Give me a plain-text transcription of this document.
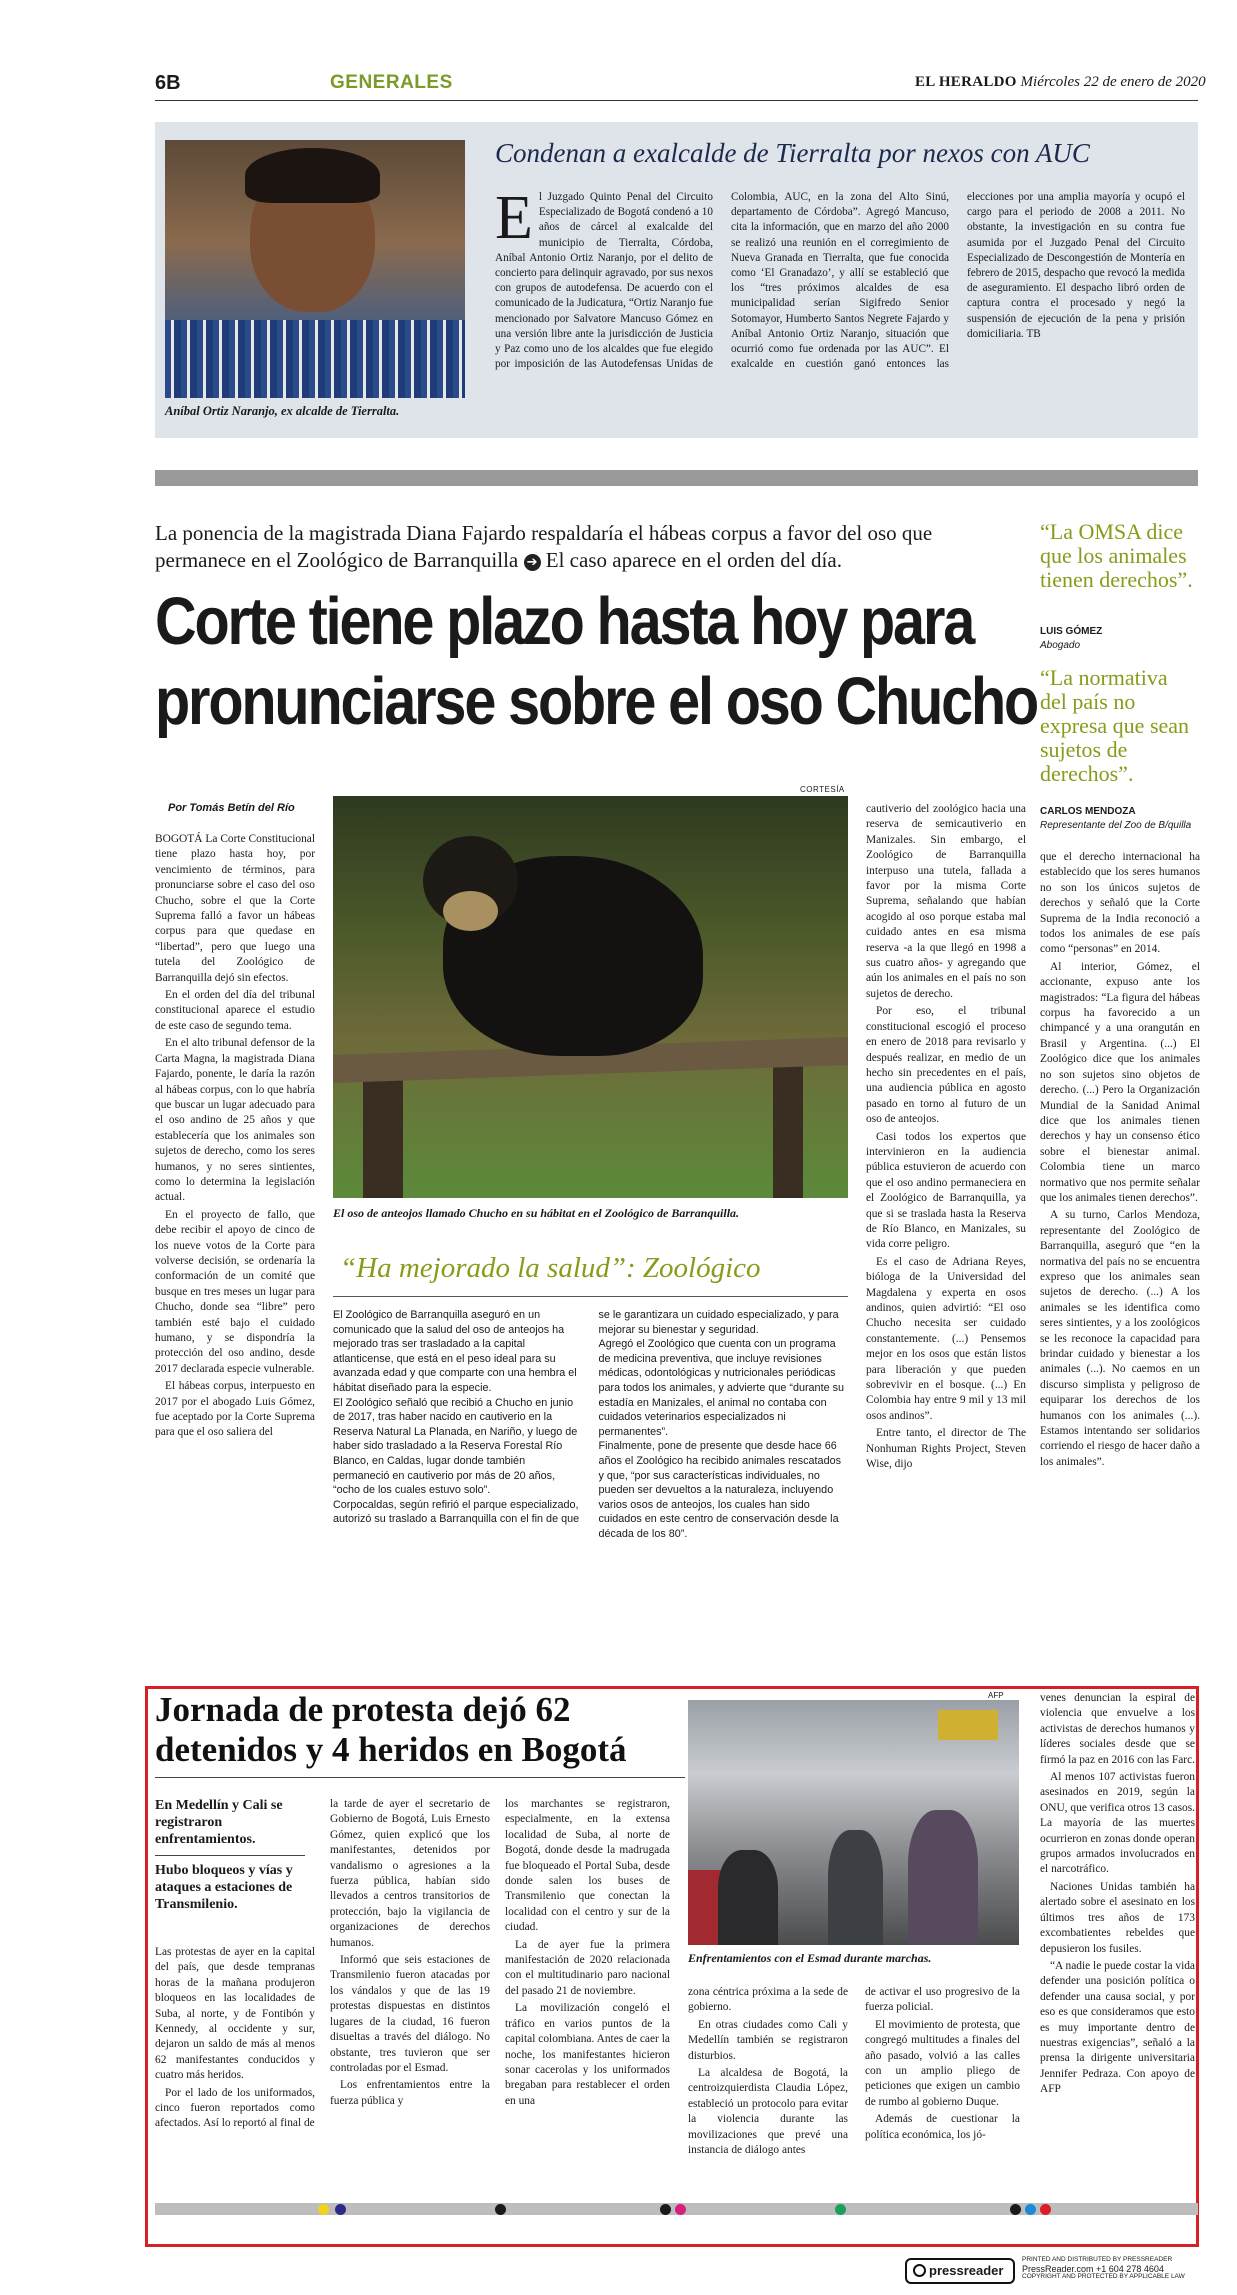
6B	GENERALES	EL HERALDO Miércoles 22 de enero de 2020
Aníbal Ortiz Naranjo, ex alcalde de Tierralta.
Condenan a exalcalde de Tierralta por nexos con AUC
El Juzgado Quinto Penal del Circuito Especializado de Bogotá condenó a 10 años de cárcel al exalcalde del municipio de Tierralta, Córdoba, Aníbal Antonio Ortiz Naranjo, por el delito de concierto para delinquir agravado, por sus nexos con grupos de autodefensa. De acuerdo con el comunicado de la Judicatura, “Ortiz Naranjo fue mencionado por Salvatore Mancuso Gómez en una versión libre ante la jurisdicción de Justicia y Paz como uno de los alcaldes que fue elegido por imposición de las Autodefensas Unidas de Colombia, AUC, en la zona del Alto Sinú, departamento de Córdoba”. Agregó Mancuso, cita la información, que en marzo del año 2000 se realizó una reunión en el corregimiento de Nueva Granada en Tierralta, que fue conocida como ‘El Granadazo’, y allí se estableció que los “tres próximos alcaldes de esa municipalidad serían Sigifredo Senior Sotomayor, Humberto Santos Negrete Fajardo y Aníbal Antonio Ortiz Naranjo, situación que ocurrió como fue ordenada por las AUC”. El exalcalde en cuestión ganó entonces las elecciones por una amplia mayoría y ocupó el cargo para el periodo de 2008 a 2011. No obstante, la investigación en su contra fue asumida por el Juzgado Penal del Circuito Especializado de Descongestión de Montería en febrero de 2015, despacho que revocó la medida de aseguramiento. El despacho libró orden de captura contra el procesado y negó la suspensión de ejecución de la pena y prisión domiciliaria. TB
La ponencia de la magistrada Diana Fajardo respaldaría el hábeas corpus a favor del oso que permanece en el Zoológico de Barranquilla ➔ El caso aparece en el orden del día.
Corte tiene plazo hasta hoy para
pronunciarse sobre el oso Chucho
“La OMSA dice que los animales tienen derechos”.
LUIS GÓMEZ
Abogado
“La normativa del país no expresa que sean sujetos de derechos”.
CARLOS MENDOZA
Representante del Zoo de B/quilla
Por Tomás Betín del Río

BOGOTÁ La Corte Constitucional tiene plazo hasta hoy, por vencimiento de términos, para pronunciarse sobre el caso del oso Chucho, sobre el que la Corte Suprema falló a favor un hábeas corpus para que quedase en “libertad”, pero que luego una tutela del Zoológico de Barranquilla dejó sin efectos.

En el orden del día del tribunal constitucional aparece el estudio de este caso de segundo tema.

En el alto tribunal defensor de la Carta Magna, la magistrada Diana Fajardo, ponente, le daría la razón al hábeas corpus, con lo que habría que buscar un lugar adecuado para el oso andino de 25 años y que establecería que los animales son sujetos de derecho, como los seres humanos, y no seres sintientes, como lo determina la legislación actual.

En el proyecto de fallo, que debe recibir el apoyo de cinco de los nueve votos de la Corte para volverse decisión, se ordenaría la conformación de un comité que busque en tres meses un lugar para Chucho, donde sea “libre” pero también esté bajo el cuidado humano, y se dispondría la protección del oso andino, desde 2017 declarada especie vulnerable.

El hábeas corpus, interpuesto en 2017 por el abogado Luis Gómez, fue aceptado por la Corte Suprema para que el oso saliera del

CORTESÍA
El oso de anteojos llamado Chucho en su hábitat en el Zoológico de Barranquilla.

cautiverio del zoológico hacia una reserva de semicautiverio en Manizales. Sin embargo, el Zoológico de Barranquilla interpuso una tutela, fallada a favor por la misma Corte Suprema, señalando que habían acogido al oso porque estaba mal cuidado antes en esa misma reserva -a la que llegó en 1998 a sus cuatro años- y agregando que aún los animales en el país no son sujetos de derecho.

Por eso, el tribunal constitucional escogió el proceso en enero de 2018 para revisarlo y después realizar, en medio de un hecho sin precedentes en el país, una audiencia pública en agosto pasado en torno al futuro de un oso de anteojos.

Casi todos los expertos que intervinieron en la audiencia pública estuvieron de acuerdo con que el oso andino permaneciera en el Zoológico de Barranquilla, ya que si se traslada hasta la Reserva de Río Blanco, en Manizales, su vida corre peligro.

Es el caso de Adriana Reyes, bióloga de la Universidad del Magdalena y experta en osos andinos, quien advirtió: “El oso Chucho necesita ser cuidado constantemente. (...) Pensemos mejor en los osos que están listos para liberación y que pueden sobrevivir en el bosque. (...) En Colombia hay entre 9 mil y 13 mil osos andinos”.

Entre tanto, el director de The Nonhuman Rights Project, Steven Wise, dijo

que el derecho internacional ha establecido que los seres humanos no son los únicos sujetos de derechos y señaló que la Corte Suprema de la India reconoció a todos los animales de ese país como “personas” en 2014.

Al interior, Gómez, el accionante, expuso ante los magistrados: “La figura del hábeas corpus ha favorecido a un chimpancé y a una orangután en Brasil y Argentina. (...) El Zoológico dice que los animales no son sujetos sino objetos de derecho. (...) Pero la Organización Mundial de la Sanidad Animal dice que los animales tienen derechos y hay un consenso ético sobre el bienestar animal. Colombia tiene un marco normativo que nos permite señalar que los animales tienen derechos”.

A su turno, Carlos Mendoza, representante del Zoológico de Barranquilla, aseguró que “en la normativa del país no se encuentra expreso que los animales sean sujetos de derecho. (...) A los animales se les identifica como seres sintientes, y a los zoológicos se les reconoce la capacidad para brindar cuidado y bienestar a los animales (...). No caemos en un discurso simplista y peligroso de equiparar los derechos de los humanos con los animales (...). Estamos intentando ser solidarios corriendo el riesgo de hacer daño a los animales”.

“Ha mejorado la salud”: Zoológico

El Zoológico de Barranquilla aseguró en un comunicado que la salud del oso de anteojos ha mejorado tras ser trasladado a la capital atlanticense, que está en el peso ideal para su avanzada edad y que comparte con una hembra el hábitat diseñado para la especie.

El Zoológico señaló que recibió a Chucho en junio de 2017, tras haber nacido en cautiverio en la Reserva Natural La Planada, en Nariño, y luego de haber sido trasladado a la Reserva Forestal Río Blanco, en Caldas, lugar donde también permaneció en cautiverio por más de 20 años, “ocho de los cuales estuvo solo”.

Corpocaldas, según refirió el parque especializado, autorizó su traslado a Barranquilla con el fin de que se le garantizara un cuidado especializado, y para mejorar su bienestar y seguridad.

Agregó el Zoológico que cuenta con un programa de medicina preventiva, que incluye revisiones médicas, odontológicas y nutricionales periódicas para todos los animales, y advierte que “durante su estadía en Manizales, el animal no contaba con cuidados veterinarios especializados ni permanentes”.

Finalmente, pone de presente que desde hace 66 años el Zoológico ha recibido animales rescatados y que, “por sus características individuales, no pueden ser devueltos a la naturaleza, incluyendo varios osos de anteojos, los cuales han sido cuidados en este centro de conservación desde la década de los 80”.

Jornada de protesta dejó 62 detenidos y 4 heridos en Bogotá
AFP
Enfrentamientos con el Esmad durante marchas.
En Medellín y Cali se registraron enfrentamientos.
Hubo bloqueos y vías y ataques a estaciones de Transmilenio.

Las protestas de ayer en la capital del país, que desde tempranas horas de la mañana produjeron bloqueos en las localidades de Suba, al norte, y de Fontibón y Kennedy, al occidente y sur, dejaron un saldo de más al menos 62 manifestantes conducidos y cuatro más heridos.

Por el lado de los uniformados, cinco fueron reportados como afectados. Así lo reportó al final de

la tarde de ayer el secretario de Gobierno de Bogotá, Luis Ernesto Gómez, quien explicó que los manifestantes, detenidos por vandalismo o agresiones a la fuerza pública, habían sido llevados a centros transitorios de protección, bajo la vigilancia de organizaciones de derechos humanos.

Informó que seis estaciones de Transmilenio fueron atacadas por los vándalos y que de las 19 protestas dispuestas en distintos lugares de la ciudad, 16 fueron disueltas a través del diálogo. No obstante, tres tuvieron que ser controladas por el Esmad.

Los enfrentamientos entre la fuerza pública y

los marchantes se registraron, especialmente, en la extensa localidad de Suba, al norte de Bogotá, donde desde la madrugada fue bloqueado el Portal Suba, desde donde salen los buses de Transmilenio que conectan la localidad con el centro y sur de la ciudad.

La de ayer fue la primera manifestación de 2020 relacionada con el multitudinario paro nacional del pasado 21 de noviembre.

La movilización congeló el tráfico en varios puntos de la capital colombiana. Antes de caer la noche, los manifestantes hicieron sonar cacerolas y los uniformados bregaban para restablecer el orden en una

zona céntrica próxima a la sede de gobierno.

En otras ciudades como Cali y Medellín también se registraron disturbios.

La alcaldesa de Bogotá, la centroizquierdista Claudia López, estableció un protocolo para evitar la violencia durante las movilizaciones que prevé una instancia de diálogo antes

de activar el uso progresivo de la fuerza policial.

El movimiento de protesta, que congregó multitudes a finales del año pasado, volvió a las calles con un amplio pliego de peticiones que exigen un cambio de rumbo al gobierno Duque.

Además de cuestionar la política económica, los jó-

venes denuncian la espiral de violencia que envuelve a los activistas de derechos humanos y líderes sociales desde que se firmó la paz en 2016 con las Farc.

Al menos 107 activistas fueron asesinados en 2019, según la ONU, que verifica otros 13 casos. La mayoría de las muertes ocurrieron en zonas donde operan grupos armados involucrados en el narcotráfico.

Naciones Unidas también ha alertado sobre el asesinato en los últimos tres años de 173 excombatientes rebeldes que depusieron los fusiles.

“A nadie le puede costar la vida defender una posición política o defender una causa social, y por eso es que consideramos que esto es muy importante dentro de nuestras exigencias”, señaló a la prensa la dirigente universitaria Jennifer Pedraza. Con apoyo de AFP

pressreader
PRINTED AND DISTRIBUTED BY PRESSREADER
PressReader.com +1 604 278 4604
COPYRIGHT AND PROTECTED BY APPLICABLE LAW
